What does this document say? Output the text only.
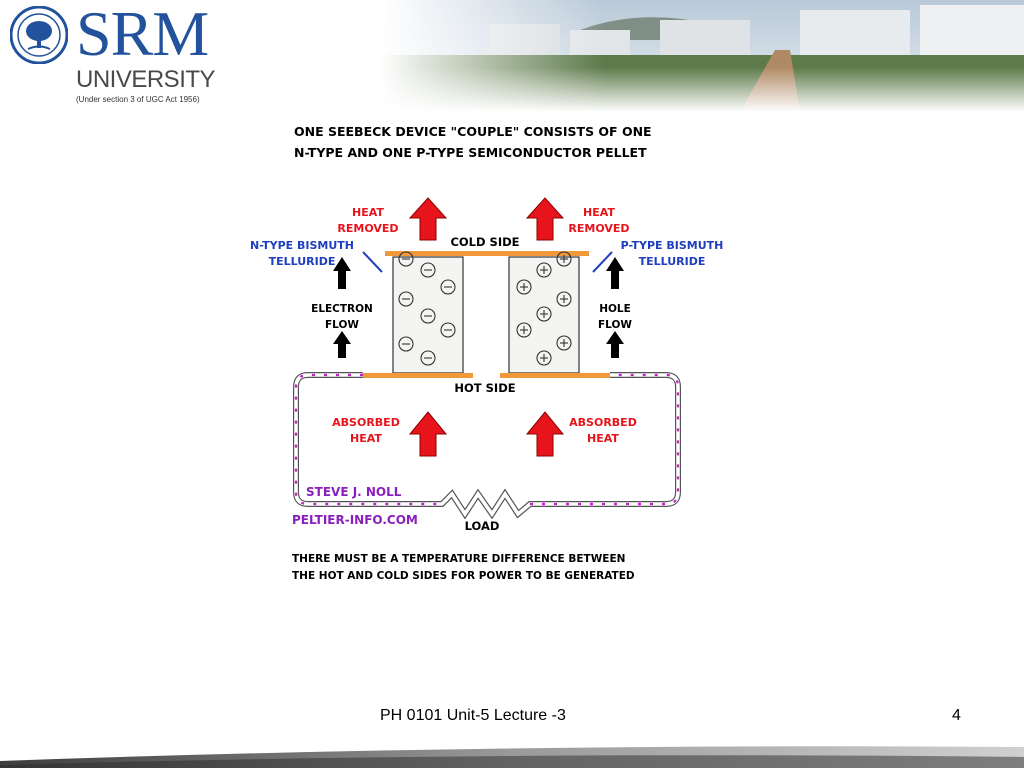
SRM
UNIVERSITY
(Under section 3 of UGC Act 1956)
ONE SEEBECK DEVICE "COUPLE" CONSISTS OF ONE
N-TYPE AND ONE P-TYPE SEMICONDUCTOR PELLET
HEAT
REMOVED
HEAT
REMOVED
COLD SIDE
N-TYPE BISMUTH
TELLURIDE
P-TYPE BISMUTH
TELLURIDE
ELECTRON
FLOW
HOLE
FLOW
HOT SIDE
ABSORBED
HEAT
ABSORBED
HEAT
STEVE J. NOLL
PELTIER-INFO.COM	LOAD
THERE MUST BE A TEMPERATURE DIFFERENCE BETWEEN
THE HOT AND COLD SIDES FOR POWER TO BE GENERATED
PH 0101 Unit-5 Lecture -3	4
